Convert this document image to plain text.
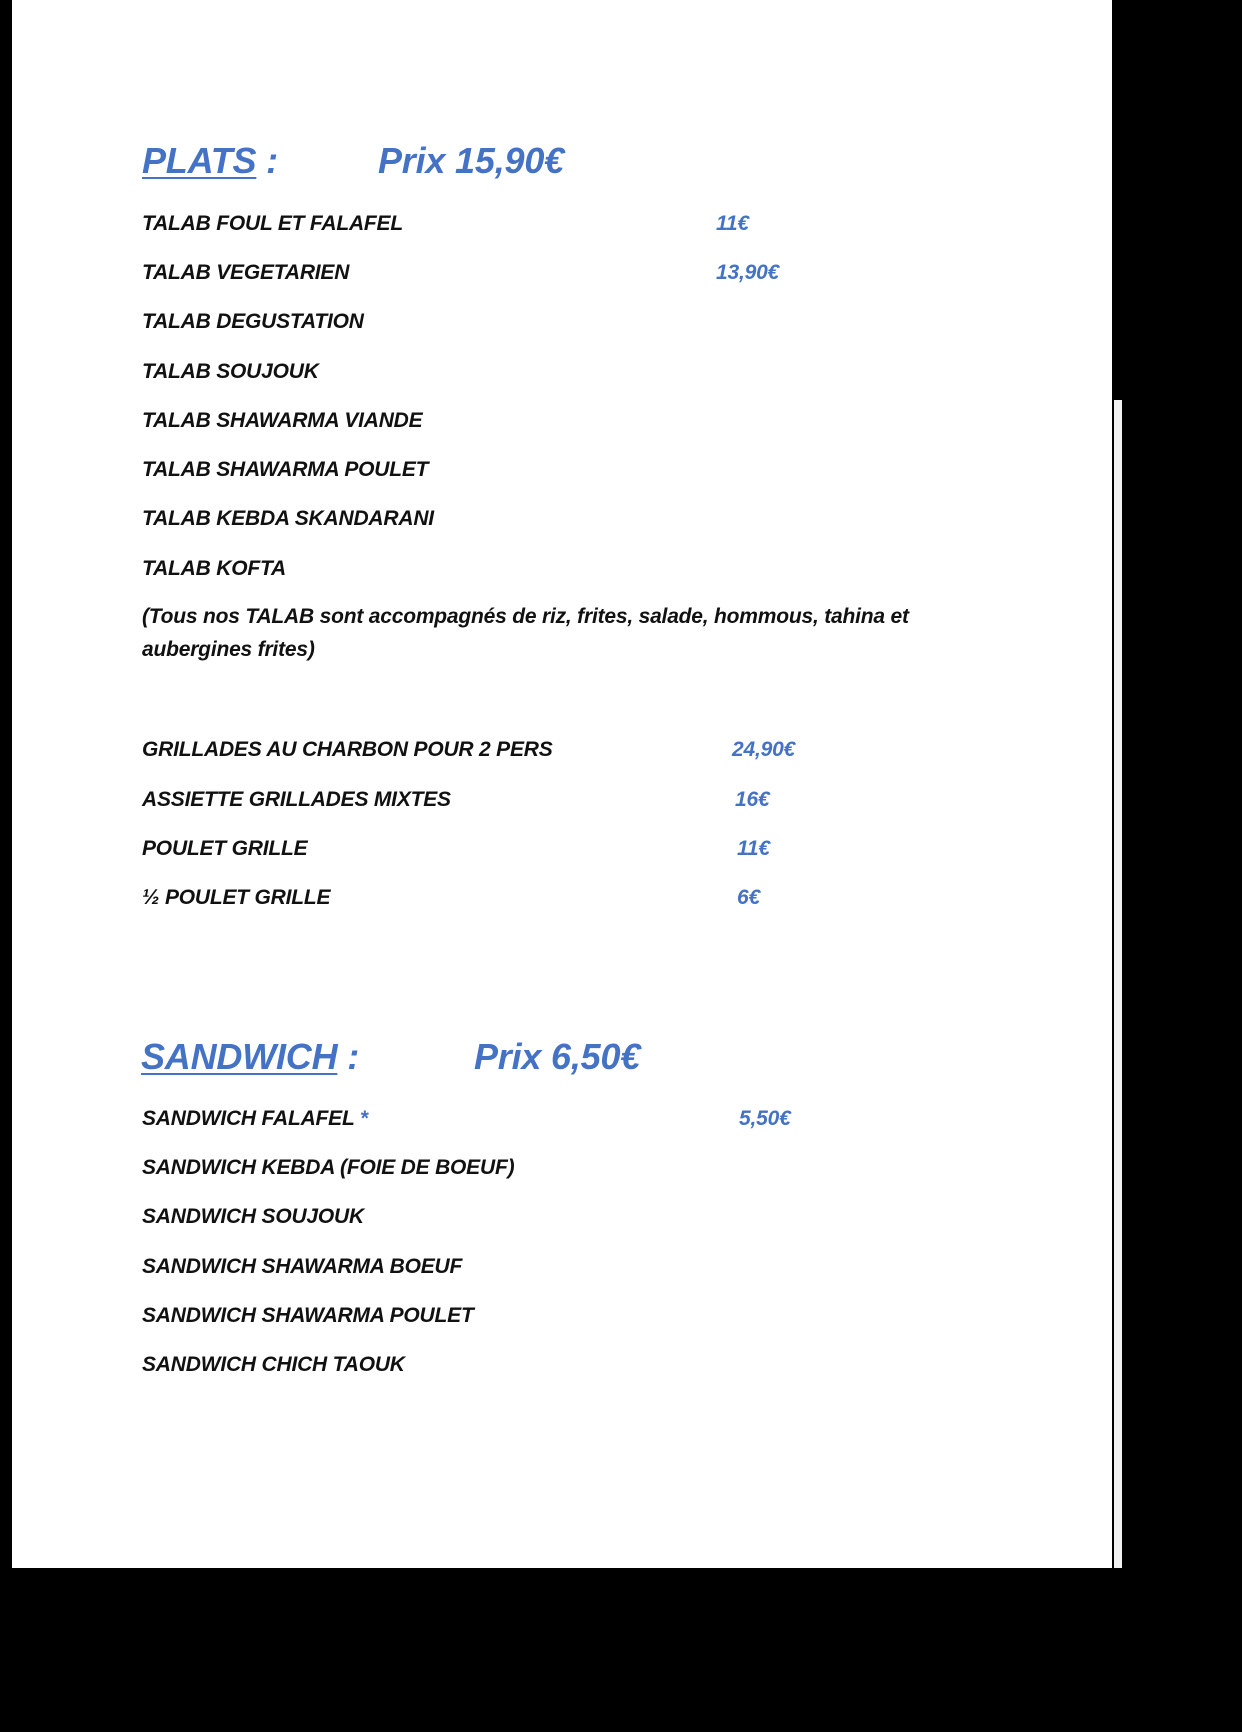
PLATS :	Prix 15,90€
TALAB FOUL ET FALAFEL	11€
TALAB VEGETARIEN	13,90€
TALAB DEGUSTATION
TALAB SOUJOUK
TALAB SHAWARMA VIANDE
TALAB SHAWARMA POULET
TALAB KEBDA SKANDARANI
TALAB KOFTA
(Tous nos TALAB sont accompagnés de riz, frites, salade, hommous, tahina et aubergines frites)
GRILLADES AU CHARBON POUR 2 PERS	24,90€
ASSIETTE GRILLADES MIXTES	16€
POULET GRILLE	11€
½ POULET GRILLE	6€
SANDWICH :	Prix 6,50€
SANDWICH FALAFEL *	5,50€
SANDWICH KEBDA (FOIE DE BOEUF)
SANDWICH SOUJOUK
SANDWICH SHAWARMA BOEUF
SANDWICH SHAWARMA POULET
SANDWICH CHICH TAOUK
